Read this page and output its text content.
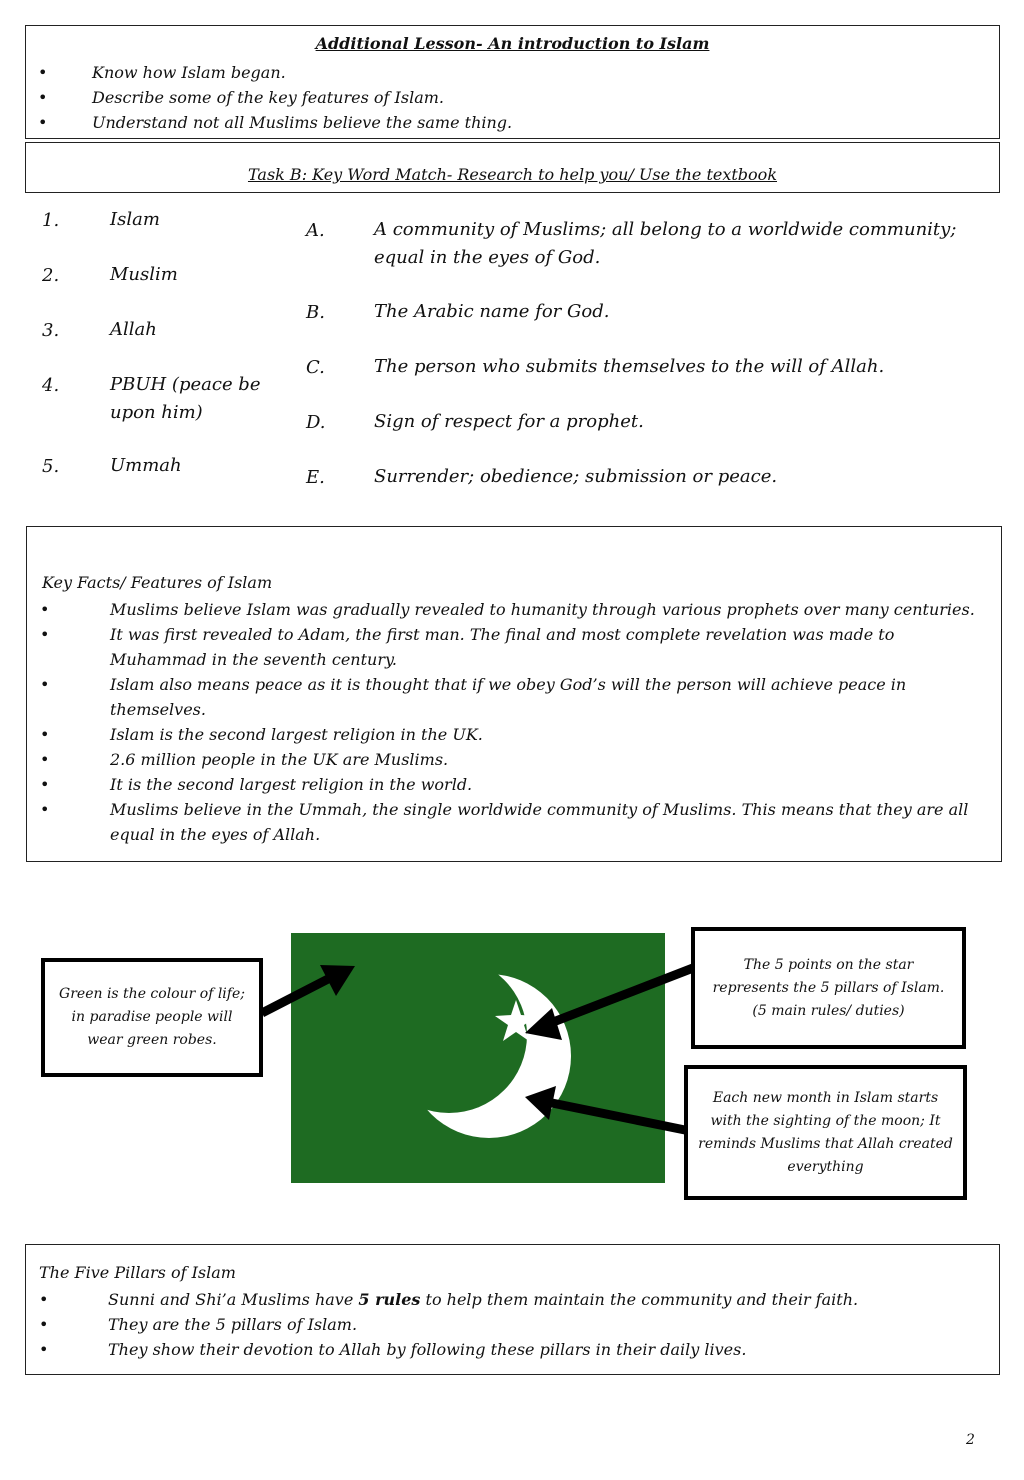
Additional Lesson- An introduction to Islam
• Know how Islam began.
• Describe some of the key features of Islam.
• Understand not all Muslims believe the same thing.
Task B: Key Word Match- Research to help you/ Use the textbook
1.	Islam
2.	Muslim
3.	Allah
4.	PBUH (peace be upon him)
5.	Ummah
A.	A community of Muslims; all belong to a worldwide community; equal in the eyes of God.
B.	The Arabic name for God.
C.	The person who submits themselves to the will of Allah.
D.	Sign of respect for a prophet.
E.	Surrender; obedience; submission or peace.
Key Facts/ Features of Islam
• Muslims believe Islam was gradually revealed to humanity through various prophets over many centuries.
• It was first revealed to Adam, the first man. The final and most complete revelation was made to Muhammad in the seventh century.
• Islam also means peace as it is thought that if we obey God’s will the person will achieve peace in themselves.
• Islam is the second largest religion in the UK.
• 2.6 million people in the UK are Muslims.
• It is the second largest religion in the world.
• Muslims believe in the Ummah, the single worldwide community of Muslims. This means that they are all equal in the eyes of Allah.
Green is the colour of life; in paradise people will wear green robes.
The 5 points on the star represents the 5 pillars of Islam. (5 main rules/ duties)
Each new month in Islam starts with the sighting of the moon; It reminds Muslims that Allah created everything
The Five Pillars of Islam
• Sunni and Shi’a Muslims have 5 rules to help them maintain the community and their faith.
• They are the 5 pillars of Islam.
• They show their devotion to Allah by following these pillars in their daily lives.
2
